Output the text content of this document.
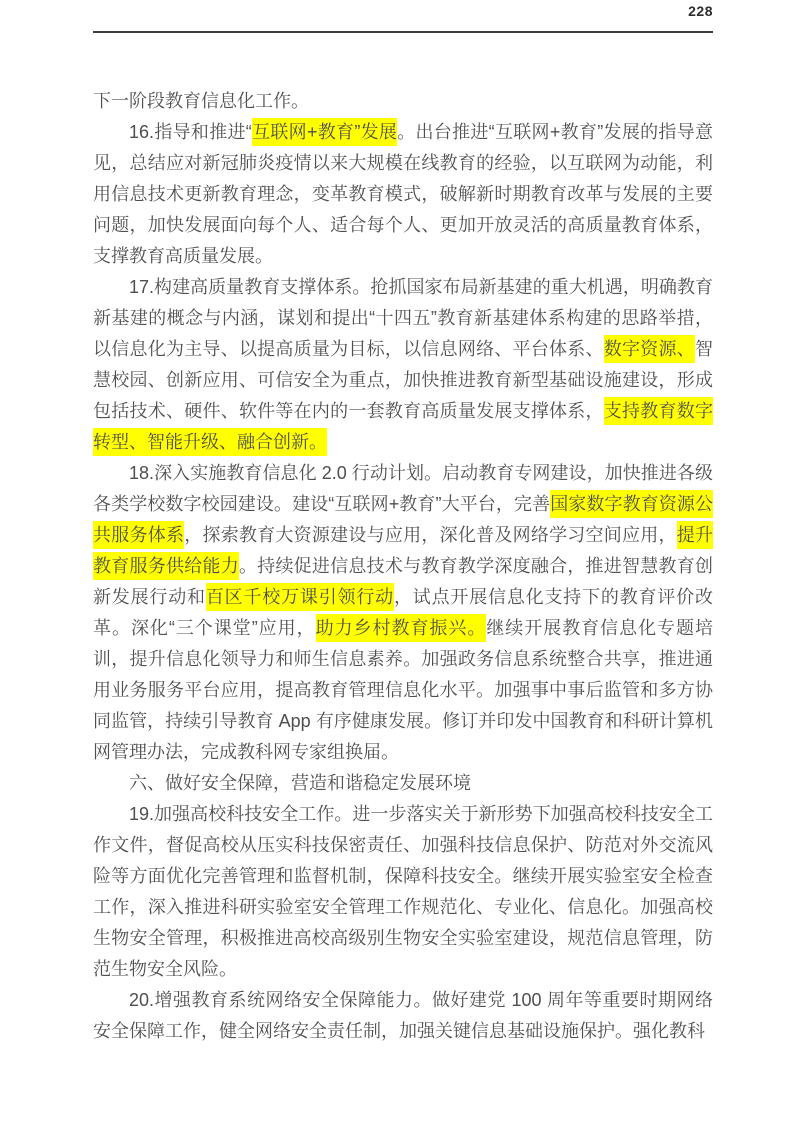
228

下一阶段教育信息化工作。

16.指导和推进“互联网+教育”发展。出台推进“互联网+教育”发展的指导意见，总结应对新冠肺炎疫情以来大规模在线教育的经验，以互联网为动能，利用信息技术更新教育理念，变革教育模式，破解新时期教育改革与发展的主要问题，加快发展面向每个人、适合每个人、更加开放灵活的高质量教育体系，支撑教育高质量发展。

17.构建高质量教育支撑体系。抢抓国家布局新基建的重大机遇，明确教育新基建的概念与内涵，谋划和提出“十四五”教育新基建体系构建的思路举措，以信息化为主导、以提高质量为目标，以信息网络、平台体系、数字资源、智慧校园、创新应用、可信安全为重点，加快推进教育新型基础设施建设，形成包括技术、硬件、软件等在内的一套教育高质量发展支撑体系，支持教育数字转型、智能升级、融合创新。

18.深入实施教育信息化 2.0 行动计划。启动教育专网建设，加快推进各级各类学校数字校园建设。建设“互联网+教育”大平台，完善国家数字教育资源公共服务体系，探索教育大资源建设与应用，深化普及网络学习空间应用，提升教育服务供给能力。持续促进信息技术与教育教学深度融合，推进智慧教育创新发展行动和百区千校万课引领行动，试点开展信息化支持下的教育评价改革。深化“三个课堂”应用，助力乡村教育振兴。继续开展教育信息化专题培训，提升信息化领导力和师生信息素养。加强政务信息系统整合共享，推进通用业务服务平台应用，提高教育管理信息化水平。加强事中事后监管和多方协同监管，持续引导教育 App 有序健康发展。修订并印发中国教育和科研计算机网管理办法，完成教科网专家组换届。

六、做好安全保障，营造和谐稳定发展环境

19.加强高校科技安全工作。进一步落实关于新形势下加强高校科技安全工作文件，督促高校从压实科技保密责任、加强科技信息保护、防范对外交流风险等方面优化完善管理和监督机制，保障科技安全。继续开展实验室安全检查工作，深入推进科研实验室安全管理工作规范化、专业化、信息化。加强高校生物安全管理，积极推进高校高级别生物安全实验室建设，规范信息管理，防范生物安全风险。

20.增强教育系统网络安全保障能力。做好建党 100 周年等重要时期网络安全保障工作，健全网络安全责任制，加强关键信息基础设施保护。强化教科
